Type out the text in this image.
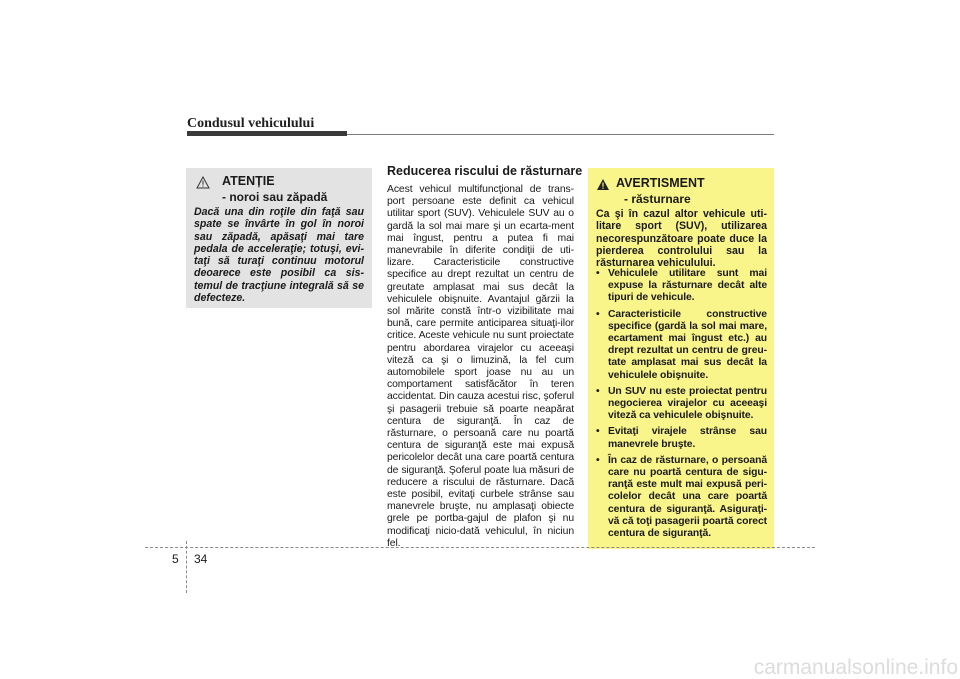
Condusul vehiculului
ATENȚIE
- noroi sau zăpadă

Dacă una din roţile din faţă sau spate se învârte în gol în noroi sau zăpadă, apăsaţi mai tare pedala de acceleraţie; totuşi, evi-taţi să turaţi continuu motorul deoarece este posibil ca sis-temul de tracţiune integrală să se defecteze.

Reducerea riscului de răsturnare

Acest vehicul multifuncţional de trans-port persoane este definit ca vehicul utilitar sport (SUV). Vehiculele SUV au o gardă la sol mai mare şi un ecarta-ment mai îngust, pentru a putea fi mai manevrabile în diferite condiţii de uti-lizare. Caracteristicile constructive specifice au drept rezultat un centru de greutate amplasat mai sus decât la vehiculele obişnuite. Avantajul gărzii la sol mărite constă într-o vizibilitate mai bună, care permite anticiparea situaţi-ilor critice. Aceste vehicule nu sunt proiectate pentru abordarea virajelor cu aceeaşi viteză ca şi o limuzină, la fel cum automobilele sport joase nu au un comportament satisfăcător în teren accidentat. Din cauza acestui risc, şoferul şi pasagerii trebuie să poarte neapărat centura de siguranţă. În caz de răsturnare, o persoană care nu poartă centura de siguranţă este mai expusă pericolelor decât una care poartă centura de siguranţă. Şoferul poate lua măsuri de reducere a riscului de răsturnare. Dacă este posibil, evitaţi curbele strânse sau manevrele bruşte, nu amplasaţi obiecte grele pe portba-gajul de plafon şi nu modificaţi nicio-dată vehiculul, în niciun fel.

AVERTISMENT
- răsturnare

Ca şi în cazul altor vehicule uti-litare sport (SUV), utilizarea necorespunzătoare poate duce la pierderea controlului sau la răsturnarea vehiculului.

• Vehiculele utilitare sunt mai expuse la răsturnare decât alte tipuri de vehicule.
• Caracteristicile constructive specifice (gardă la sol mai mare, ecartament mai îngust etc.) au drept rezultat un centru de greu-tate amplasat mai sus decât la vehiculele obişnuite.
• Un SUV nu este proiectat pentru negocierea virajelor cu aceeaşi viteză ca vehiculele obişnuite.
• Evitaţi virajele strânse sau manevrele bruşte.
• În caz de răsturnare, o persoană care nu poartă centura de sigu-ranţă este mult mai expusă peri-colelor decât una care poartă centura de siguranţă. Asiguraţi-vă că toţi pasagerii poartă corect centura de siguranţă.
5 34
carmanualsonline.info
